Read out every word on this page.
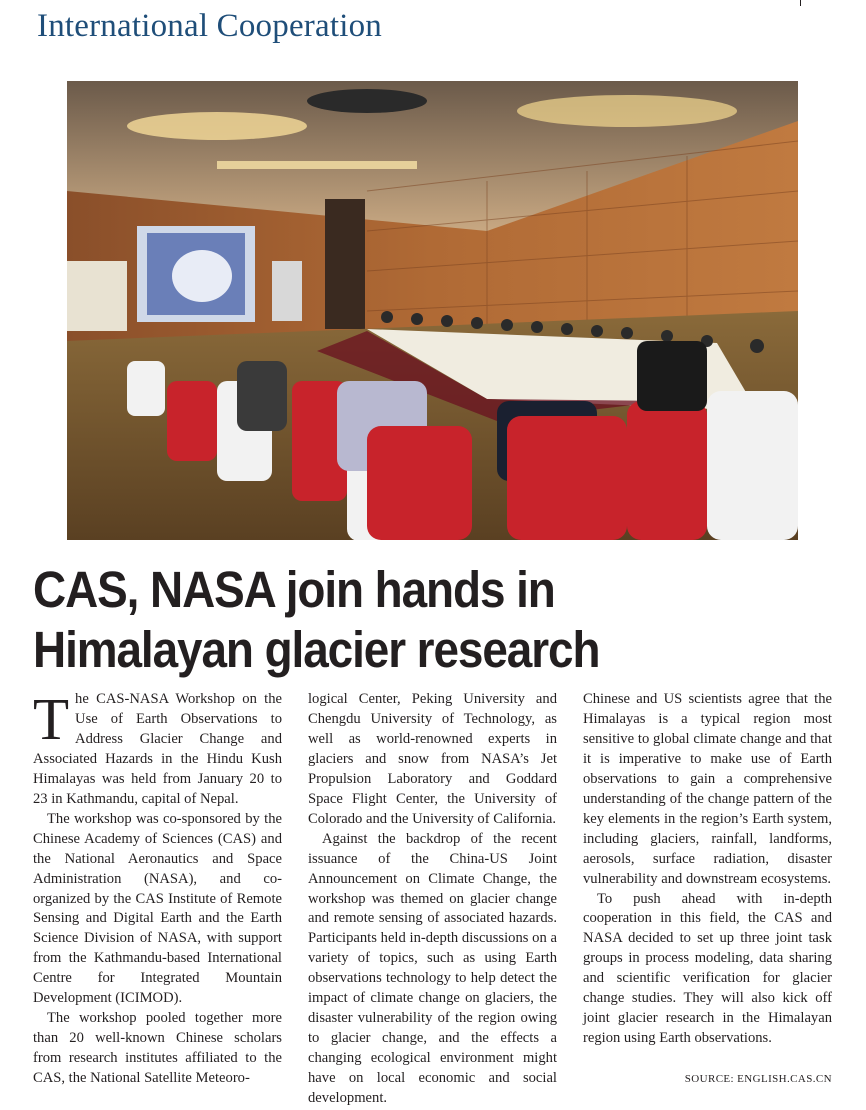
International Cooperation
CAS, NASA join hands in Himalayan glacier research

The CAS-NASA Workshop on the Use of Earth Observations to Address Glacier Change and Associated Hazards in the Hindu Kush Himalayas was held from January 20 to 23 in Kathmandu, capital of Nepal.

The workshop was co-sponsored by the Chinese Academy of Sciences (CAS) and the National Aeronautics and Space Administration (NASA), and co-organized by the CAS Institute of Remote Sensing and Digital Earth and the Earth Science Division of NASA, with support from the Kathmandu-based International Centre for Integrated Mountain Development (ICIMOD).

The workshop pooled together more than 20 well-known Chinese scholars from research institutes affiliated to the CAS, the National Satellite Meteoro-

logical Center, Peking University and Chengdu University of Technology, as well as world-renowned experts in glaciers and snow from NASA’s Jet Propulsion Laboratory and Goddard Space Flight Center, the University of Colorado and the University of California.

Against the backdrop of the recent issuance of the China-US Joint Announcement on Climate Change, the workshop was themed on glacier change and remote sensing of associated hazards. Participants held in-depth discussions on a variety of topics, such as using Earth observations technology to help detect the impact of climate change on glaciers, the disaster vulnerability of the region owing to glacier change, and the effects a changing ecological environment might have on local economic and social development.

Chinese and US scientists agree that the Himalayas is a typical region most sensitive to global climate change and that it is imperative to make use of Earth observations to gain a comprehensive understanding of the change pattern of the key elements in the region’s Earth system, including glaciers, rainfall, landforms, aerosols, surface radiation, disaster vulnerability and downstream ecosystems.

To push ahead with in-depth cooperation in this field, the CAS and NASA decided to set up three joint task groups in process modeling, data sharing and scientific verification for glacier change studies. They will also kick off joint glacier research in the Himalayan region using Earth observations.

SOURCE: ENGLISH.CAS.CN
